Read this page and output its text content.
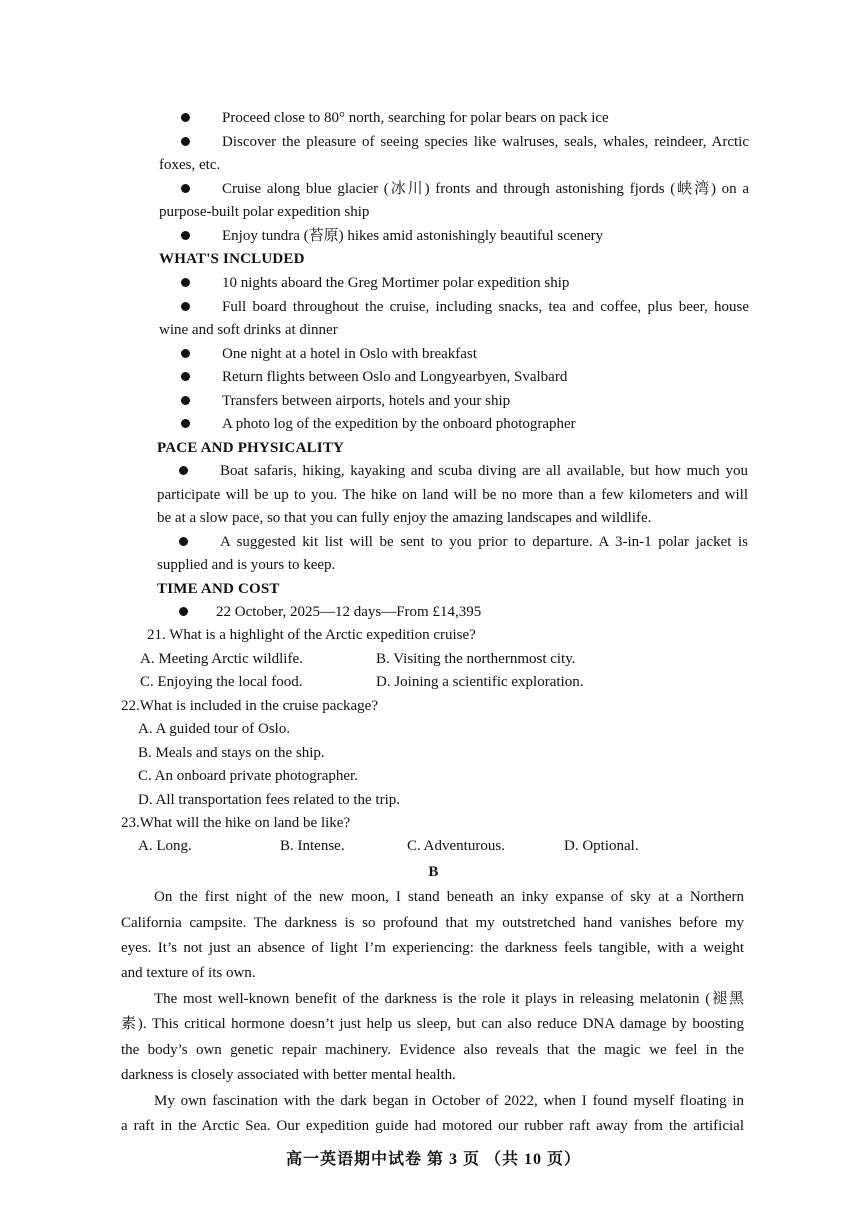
Proceed close to 80° north, searching for polar bears on pack ice
Discover the pleasure of seeing species like walruses, seals, whales, reindeer, Arctic
foxes, etc.
Cruise along blue glacier (冰川) fronts and through astonishing fjords (峡湾) on a
purpose-built polar expedition ship
Enjoy tundra (苔原) hikes amid astonishingly beautiful scenery
WHAT'S INCLUDED
10 nights aboard the Greg Mortimer polar expedition ship
Full board throughout the cruise, including snacks, tea and coffee, plus beer, house
wine and soft drinks at dinner
One night at a hotel in Oslo with breakfast
Return flights between Oslo and Longyearbyen, Svalbard
Transfers between airports, hotels and your ship
A photo log of the expedition by the onboard photographer
PACE AND PHYSICALITY
Boat safaris, hiking, kayaking and scuba diving are all available, but how much you
participate will be up to you. The hike on land will be no more than a few kilometers and will
be at a slow pace, so that you can fully enjoy the amazing landscapes and wildlife.
A suggested kit list will be sent to you prior to departure. A 3-in-1 polar jacket is
supplied and is yours to keep.
TIME AND COST
22 October, 2025—12 days—From £14,395
21. What is a highlight of the Arctic expedition cruise?
A. Meeting Arctic wildlife.	B. Visiting the northernmost city.
C. Enjoying the local food.	D. Joining a scientific exploration.
22.What is included in the cruise package?
A. A guided tour of Oslo.
B. Meals and stays on the ship.
C. An onboard private photographer.
D. All transportation fees related to the trip.
23.What will the hike on land be like?
A. Long.	B. Intense.	C. Adventurous.	D. Optional.
B
On the first night of the new moon, I stand beneath an inky expanse of sky at a Northern
California campsite. The darkness is so profound that my outstretched hand vanishes before my
eyes. It’s not just an absence of light I’m experiencing: the darkness feels tangible, with a weight
and texture of its own.
The most well-known benefit of the darkness is the role it plays in releasing melatonin (褪黑
素). This critical hormone doesn’t just help us sleep, but can also reduce DNA damage by boosting
the body’s own genetic repair machinery. Evidence also reveals that the magic we feel in the
darkness is closely associated with better mental health.
My own fascination with the dark began in October of 2022, when I found myself floating in
a raft in the Arctic Sea. Our expedition guide had motored our rubber raft away from the artificial
高一英语期中试卷 第 3 页 （共 10 页）
